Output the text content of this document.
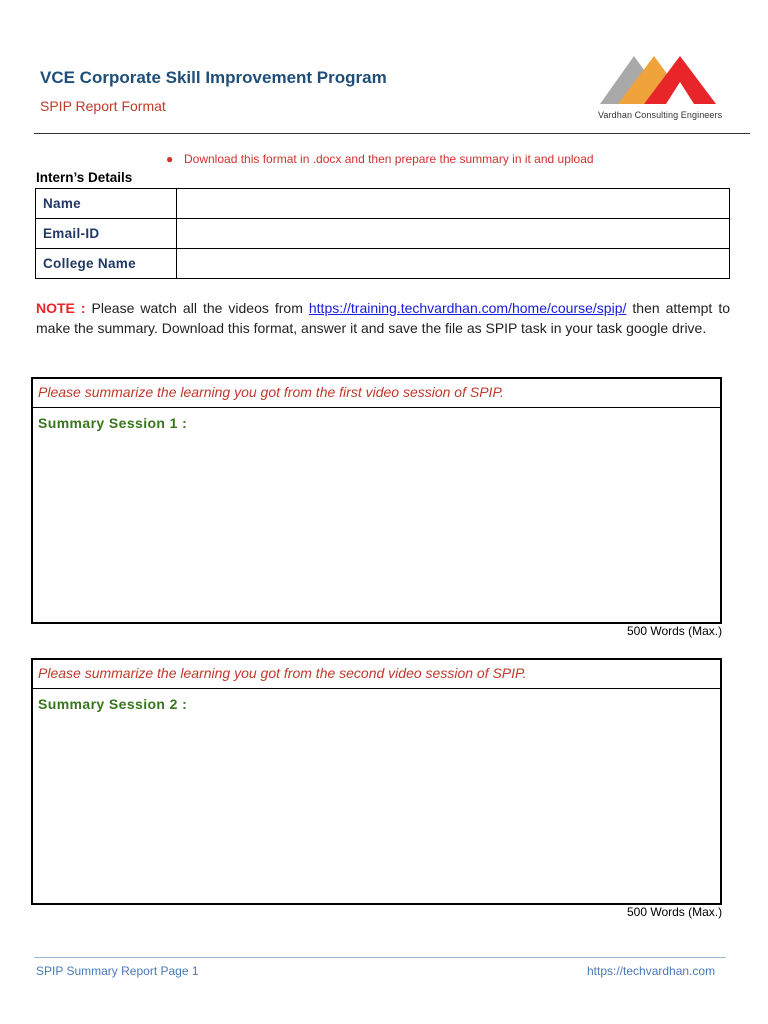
VCE Corporate Skill Improvement Program
SPIP Report Format
Vardhan Consulting Engineers
● Download this format in .docx and then prepare the summary in it and upload
Intern’s Details
Name	
Email-ID	
College Name	
NOTE : Please watch all the videos from https://training.techvardhan.com/home/course/spip/ then attempt to make the summary. Download this format, answer it and save the file as SPIP task in your task google drive.
Please summarize the learning you got from the first video session of SPIP.
Summary Session 1 :
500 Words (Max.)
Please summarize the learning you got from the second video session of SPIP.
Summary Session 2 :
500 Words (Max.)
SPIP Summary Report Page 1	https://techvardhan.com
